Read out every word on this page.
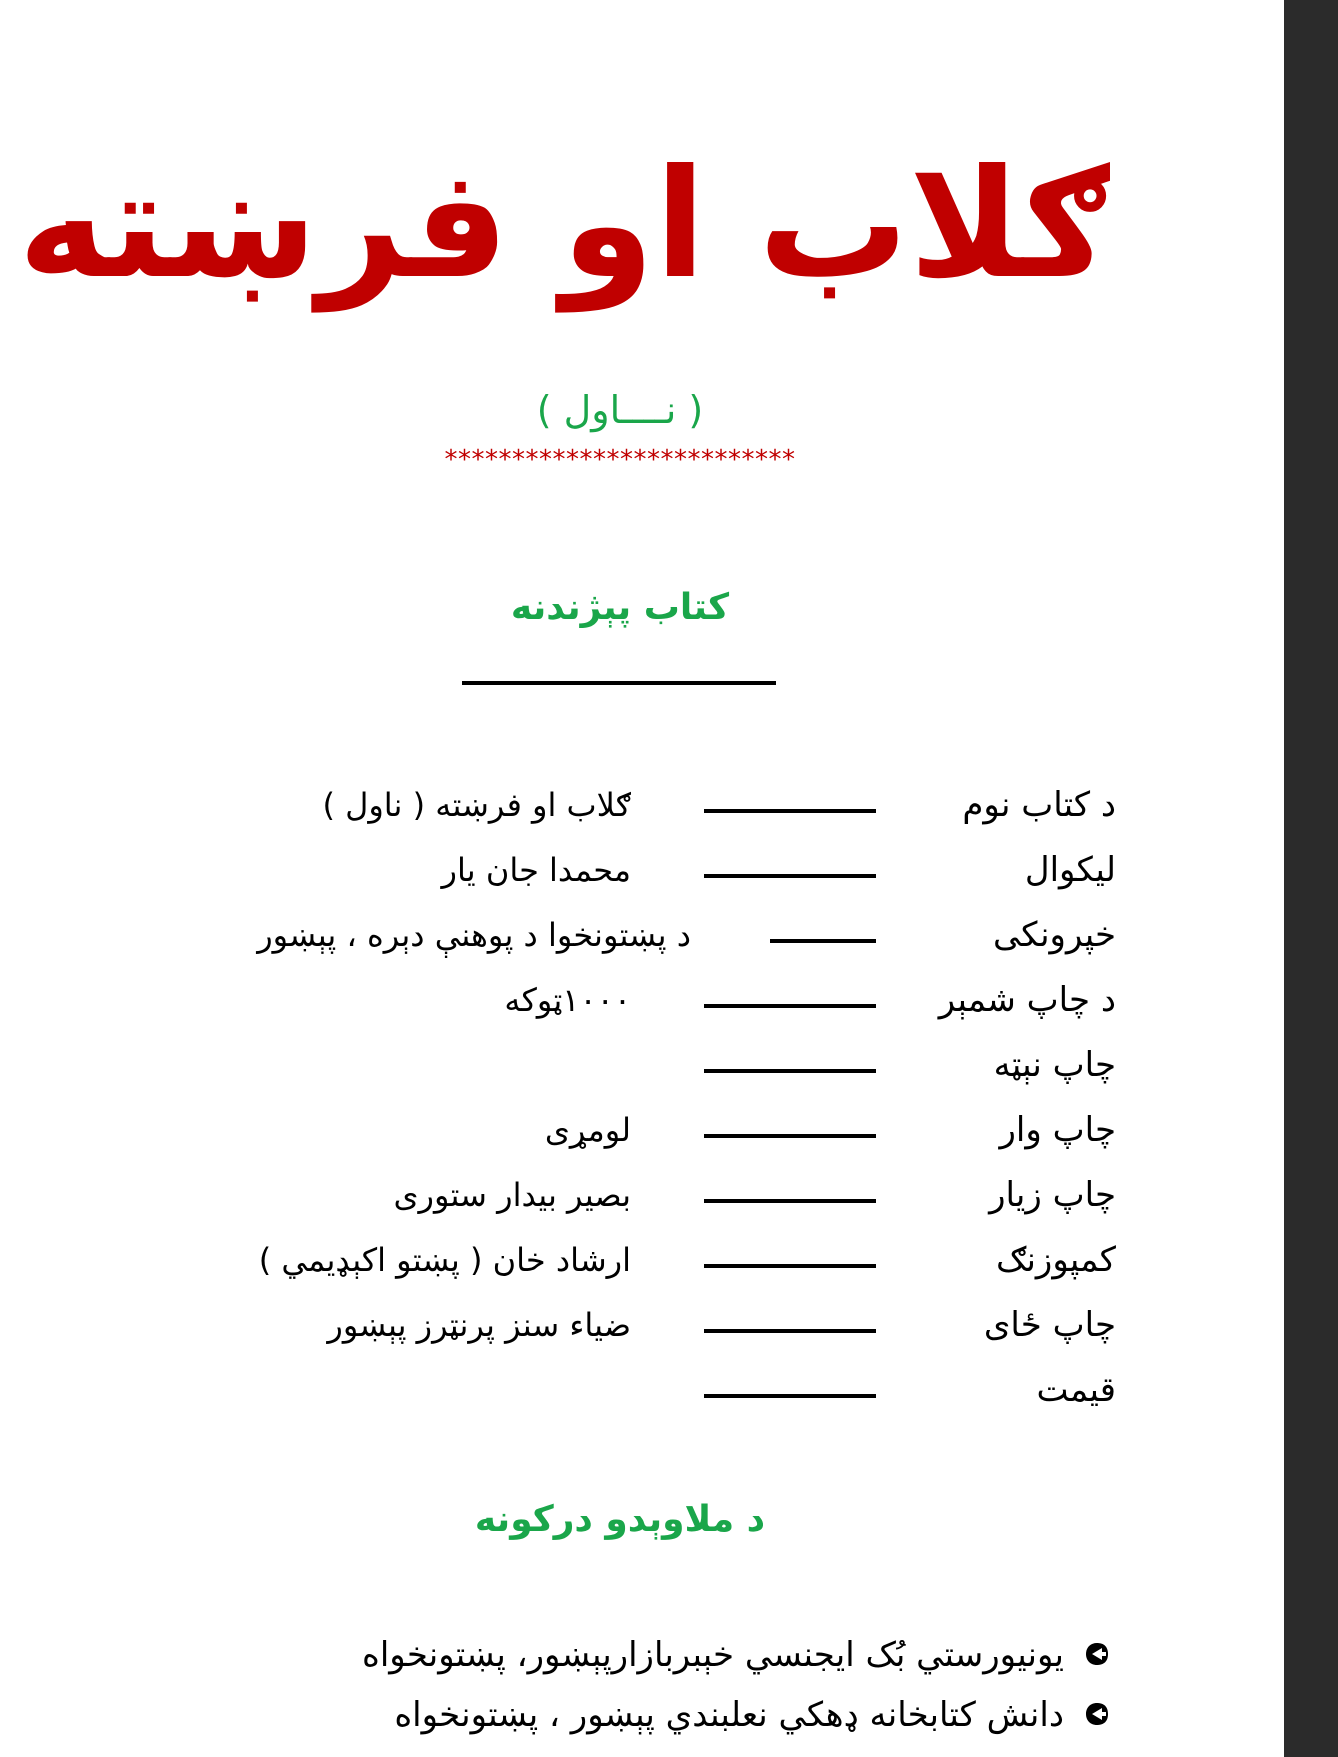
ګلاب او فرښته
( نــــاول )
**************************
کتاب پېژندنه
د کتاب نوم
ګلاب او فرښته ( ناول )
ليکوال
محمدا جان يار
خپرونکی
د پښتونخوا د پوهنې دېره ، پېښور
د چاپ شمېر
۱۰۰۰ټوکه
چاپ نېټه
چاپ وار
لومړی
چاپ زيار
بصير بيدار ستوری
کمپوزنګ
ارشاد خان ( پښتو اکېډيمي )
چاپ ځای
ضياء سنز پرنټرز پېښور
قيمت
د ملاوېدو درکونه
يونيورستي بُک ايجنسي خېبربازارپېښور، پښتونخواه
دانش کتابخانه ډهکي نعلبندي پېښور ، پښتونخواه
